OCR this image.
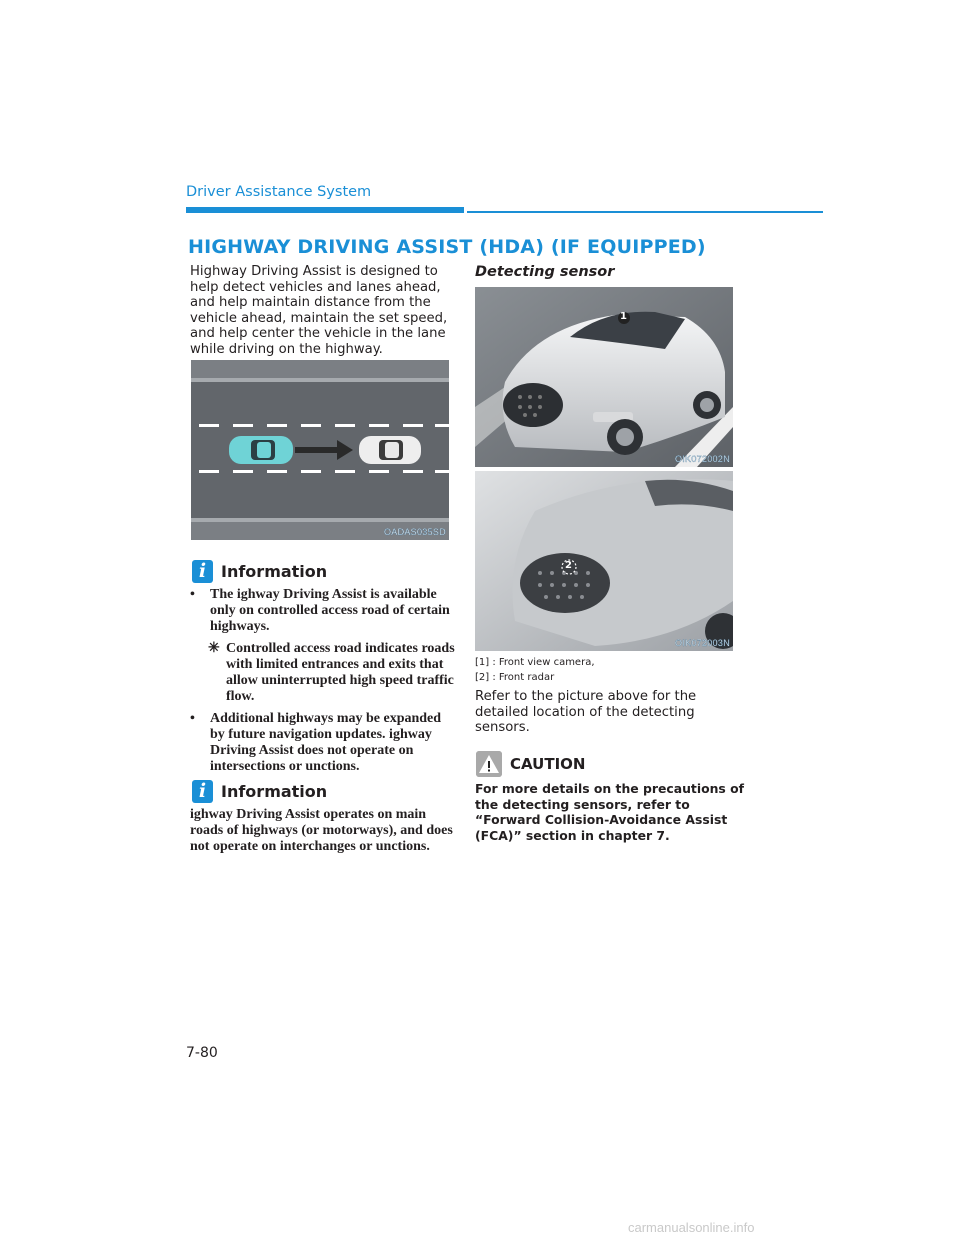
Driver Assistance System
HIGHWAY DRIVING ASSIST (HDA) (IF EQUIPPED)
Highway Driving Assist is designed to help detect vehicles and lanes ahead, and help maintain distance from the vehicle ahead, maintain the set speed, and help center the vehicle in the lane while driving on the highway.
OADAS035SD
i Information
• The ighway Driving Assist is available only on controlled access road of certain highways.
✳ Controlled access road indicates roads with limited entrances and exits that allow uninterrupted high speed traffic flow.
• Additional highways may be expanded by future navigation updates. ighway Driving Assist does not operate on intersections or unctions.
i Information
ighway Driving Assist operates on main roads of highways (or motorways), and does not operate on interchanges or unctions.
Detecting sensor
1
OIK072002N
2
OIK072003N
[1] : Front view camera,
[2] : Front radar
Refer to the picture above for the detailed location of the detecting sensors.
CAUTION
For more details on the precautions of the detecting sensors, refer to “Forward Collision-Avoidance Assist (FCA)” section in chapter 7.
7-80
carmanualsonline.info
